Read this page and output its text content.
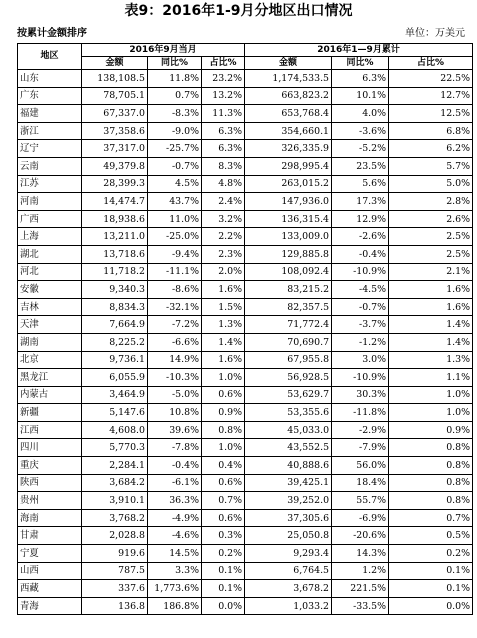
表9：2016年1-9月分地区出口情况
按累计金额排序	单位：万美元
地区	2016年9月当月			2016年1—9月累计		
	金额	同比%	占比%	金额	同比%	占比%
山东	138,108.5	11.8%	23.2%	1,174,533.5	6.3%	22.5%
广东	78,705.1	0.7%	13.2%	663,823.2	10.1%	12.7%
福建	67,337.0	-8.3%	11.3%	653,768.4	4.0%	12.5%
浙江	37,358.6	-9.0%	6.3%	354,660.1	-3.6%	6.8%
辽宁	37,317.0	-25.7%	6.3%	326,335.9	-5.2%	6.2%
云南	49,379.8	-0.7%	8.3%	298,995.4	23.5%	5.7%
江苏	28,399.3	4.5%	4.8%	263,015.2	5.6%	5.0%
河南	14,474.7	43.7%	2.4%	147,936.0	17.3%	2.8%
广西	18,938.6	11.0%	3.2%	136,315.4	12.9%	2.6%
上海	13,211.0	-25.0%	2.2%	133,009.0	-2.6%	2.5%
湖北	13,718.6	-9.4%	2.3%	129,885.8	-0.4%	2.5%
河北	11,718.2	-11.1%	2.0%	108,092.4	-10.9%	2.1%
安徽	9,340.3	-8.6%	1.6%	83,215.2	-4.5%	1.6%
吉林	8,834.3	-32.1%	1.5%	82,357.5	-0.7%	1.6%
天津	7,664.9	-7.2%	1.3%	71,772.4	-3.7%	1.4%
湖南	8,225.2	-6.6%	1.4%	70,690.7	-1.2%	1.4%
北京	9,736.1	14.9%	1.6%	67,955.8	3.0%	1.3%
黑龙江	6,055.9	-10.3%	1.0%	56,928.5	-10.9%	1.1%
内蒙古	3,464.9	-5.0%	0.6%	53,629.7	30.3%	1.0%
新疆	5,147.6	10.8%	0.9%	53,355.6	-11.8%	1.0%
江西	4,608.0	39.6%	0.8%	45,033.0	-2.9%	0.9%
四川	5,770.3	-7.8%	1.0%	43,552.5	-7.9%	0.8%
重庆	2,284.1	-0.4%	0.4%	40,888.6	56.0%	0.8%
陕西	3,684.2	-6.1%	0.6%	39,425.1	18.4%	0.8%
贵州	3,910.1	36.3%	0.7%	39,252.0	55.7%	0.8%
海南	3,768.2	-4.9%	0.6%	37,305.6	-6.9%	0.7%
甘肃	2,028.8	-4.6%	0.3%	25,050.8	-20.6%	0.5%
宁夏	919.6	14.5%	0.2%	9,293.4	14.3%	0.2%
山西	787.5	3.3%	0.1%	6,764.5	1.2%	0.1%
西藏	337.6	1,773.6%	0.1%	3,678.2	221.5%	0.1%
青海	136.8	186.8%	0.0%	1,033.2	-33.5%	0.0%
